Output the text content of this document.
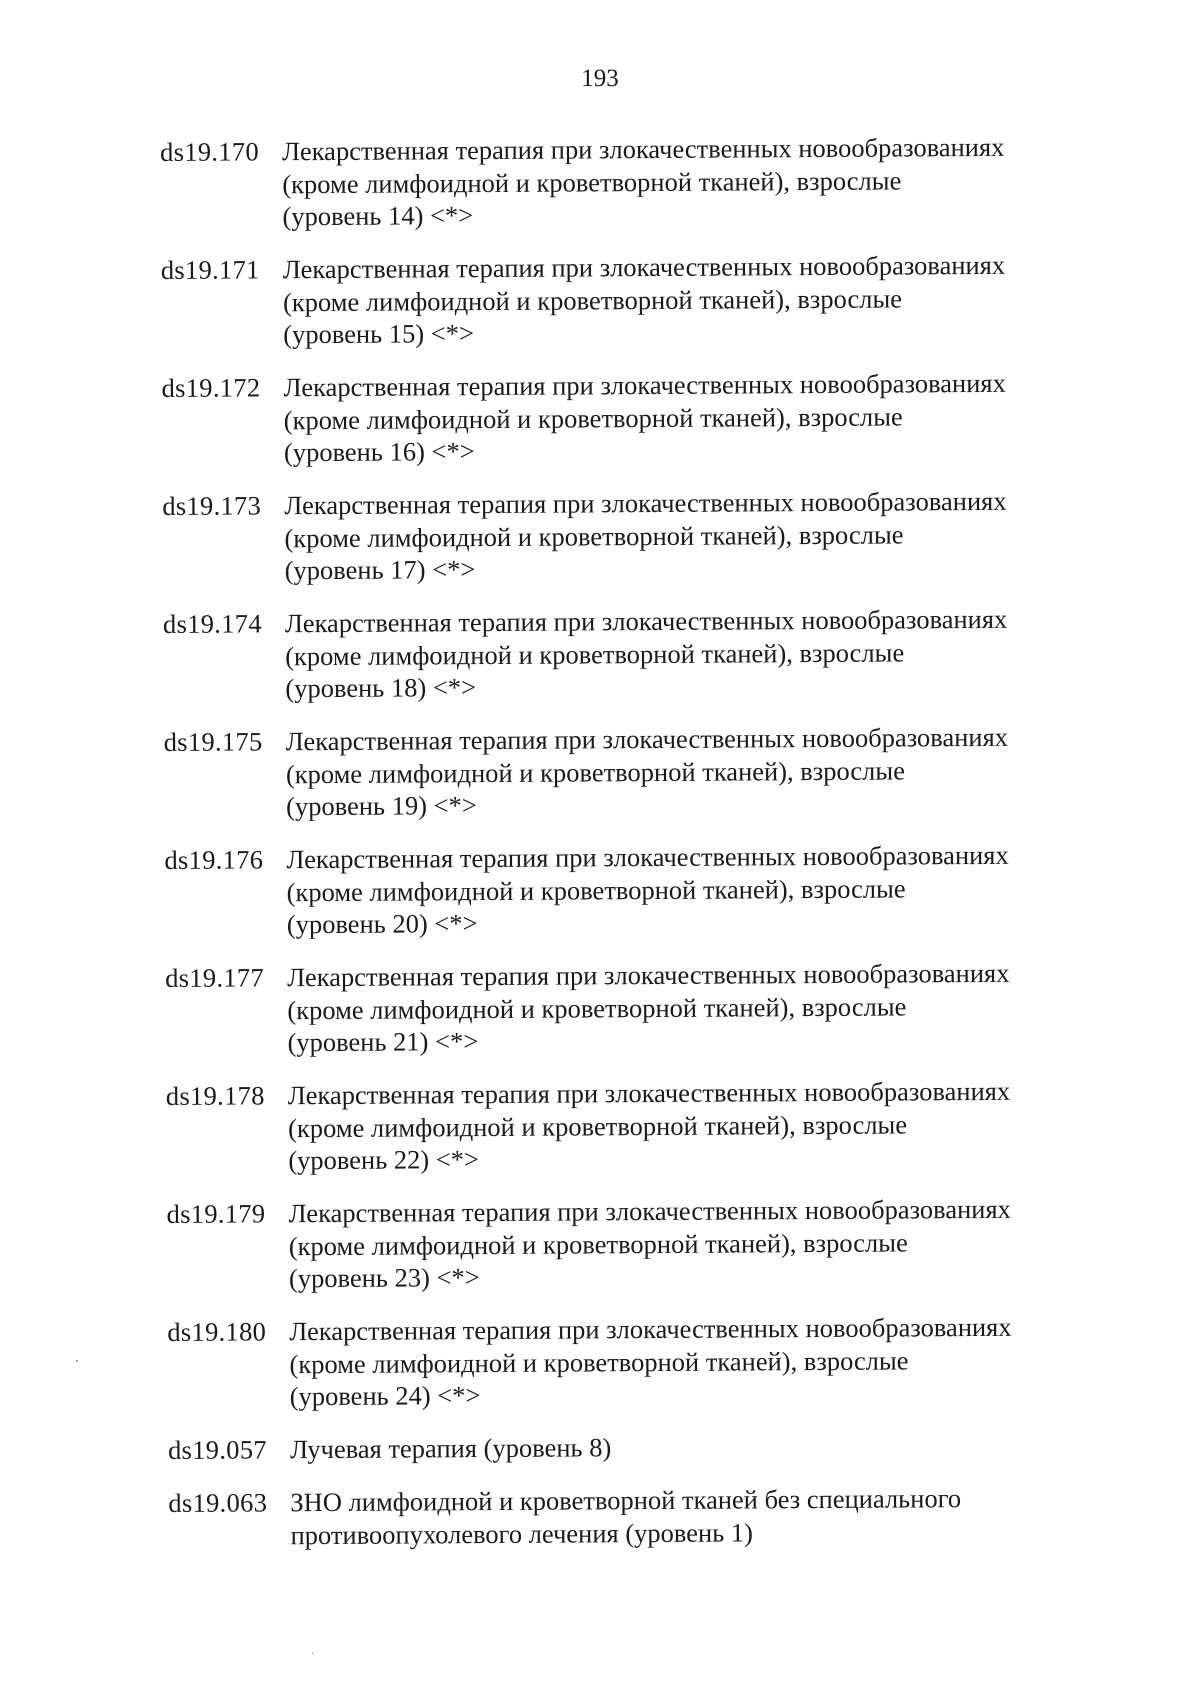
193
ds19.170 Лекарственная терапия при злокачественных новообразованиях
(кроме лимфоидной и кроветворной тканей), взрослые
(уровень 14) <*>
ds19.171 Лекарственная терапия при злокачественных новообразованиях
(кроме лимфоидной и кроветворной тканей), взрослые
(уровень 15) <*>
ds19.172 Лекарственная терапия при злокачественных новообразованиях
(кроме лимфоидной и кроветворной тканей), взрослые
(уровень 16) <*>
ds19.173 Лекарственная терапия при злокачественных новообразованиях
(кроме лимфоидной и кроветворной тканей), взрослые
(уровень 17) <*>
ds19.174 Лекарственная терапия при злокачественных новообразованиях
(кроме лимфоидной и кроветворной тканей), взрослые
(уровень 18) <*>
ds19.175 Лекарственная терапия при злокачественных новообразованиях
(кроме лимфоидной и кроветворной тканей), взрослые
(уровень 19) <*>
ds19.176 Лекарственная терапия при злокачественных новообразованиях
(кроме лимфоидной и кроветворной тканей), взрослые
(уровень 20) <*>
ds19.177 Лекарственная терапия при злокачественных новообразованиях
(кроме лимфоидной и кроветворной тканей), взрослые
(уровень 21) <*>
ds19.178 Лекарственная терапия при злокачественных новообразованиях
(кроме лимфоидной и кроветворной тканей), взрослые
(уровень 22) <*>
ds19.179 Лекарственная терапия при злокачественных новообразованиях
(кроме лимфоидной и кроветворной тканей), взрослые
(уровень 23) <*>
ds19.180 Лекарственная терапия при злокачественных новообразованиях
(кроме лимфоидной и кроветворной тканей), взрослые
(уровень 24) <*>
ds19.057 Лучевая терапия (уровень 8)
ds19.063 ЗНО лимфоидной и кроветворной тканей без специального
противоопухолевого лечения (уровень 1)
